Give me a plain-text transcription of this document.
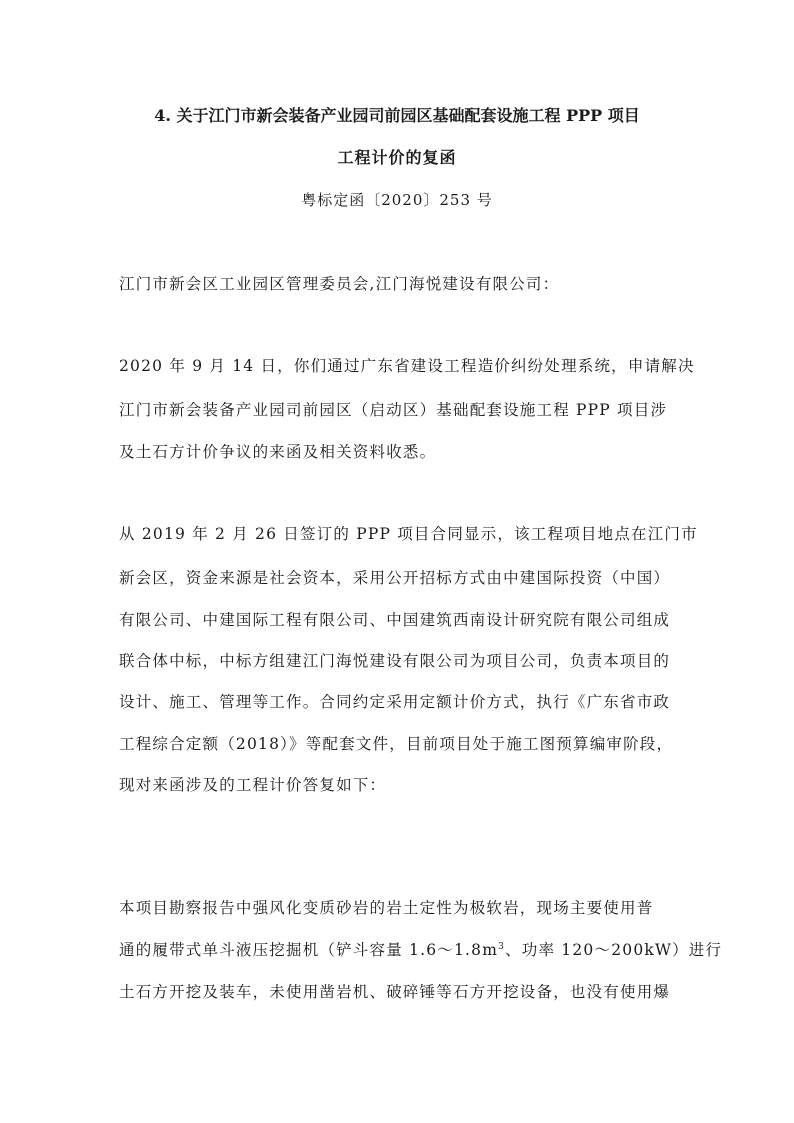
4. 关于江门市新会装备产业园司前园区基础配套设施工程 PPP 项目
工程计价的复函
粤标定函〔2020〕253 号
江门市新会区工业园区管理委员会,江门海悦建设有限公司：
2020 年 9 月 14 日，你们通过广东省建设工程造价纠纷处理系统，申请解决
江门市新会装备产业园司前园区（启动区）基础配套设施工程 PPP 项目涉
及土石方计价争议的来函及相关资料收悉。
从 2019 年 2 月 26 日签订的 PPP 项目合同显示，该工程项目地点在江门市
新会区，资金来源是社会资本，采用公开招标方式由中建国际投资（中国）
有限公司、中建国际工程有限公司、中国建筑西南设计研究院有限公司组成
联合体中标，中标方组建江门海悦建设有限公司为项目公司，负责本项目的
设计、施工、管理等工作。合同约定采用定额计价方式，执行《广东省市政
工程综合定额（2018）》等配套文件，目前项目处于施工图预算编审阶段，
现对来函涉及的工程计价答复如下：
本项目勘察报告中强风化变质砂岩的岩土定性为极软岩，现场主要使用普
通的履带式单斗液压挖掘机（铲斗容量 $1.6\sim 1.8m^3$、功率 120～200kW）进行
土石方开挖及装车，未使用凿岩机、破碎锤等石方开挖设备，也没有使用爆
